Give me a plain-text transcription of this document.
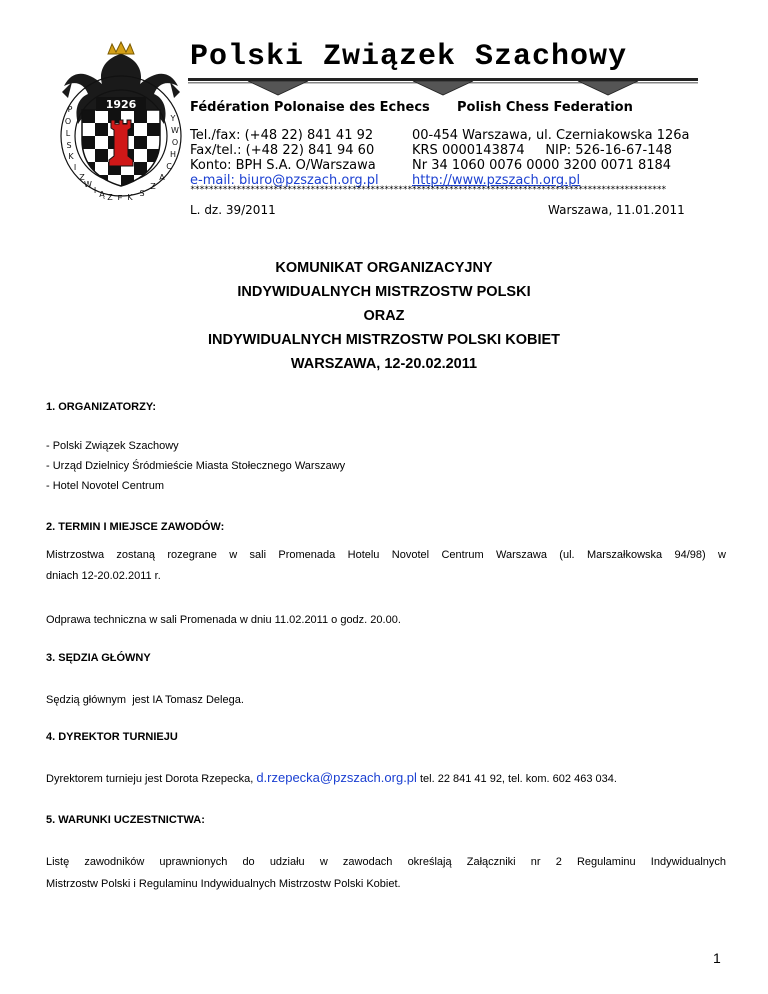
1926
P
O
L
S
K
I
Z
W
I Ą Z E K S
Z
A
C
H
O
W
Y
Polski Związek Szachowy
Fédération Polonaise des Echecs Polish Chess Federation
Tel./fax: (+48 22) 841 41 92
Fax/tel.: (+48 22) 841 94 60
Konto: BPH S.A. O/Warszawa
e-mail: biuro@pzszach.org.pl
00-454 Warszawa, ul. Czerniakowska 126a
KRS 0000143874     NIP: 526-16-67-148
Nr 34 1060 0076 0000 3200 0071 8184
http://www.pzszach.org.pl
*******************************************************************************************************
L. dz. 39/2011	Warszawa, 11.01.2011
KOMUNIKAT ORGANIZACYJNY
INDYWIDUALNYCH MISTRZOSTW POLSKI
ORAZ
INDYWIDUALNYCH MISTRZOSTW POLSKI KOBIET
WARSZAWA, 12-20.02.2011
1. ORGANIZATORZY:
- Polski Związek Szachowy
- Urząd Dzielnicy Śródmieście Miasta Stołecznego Warszawy
- Hotel Novotel Centrum
2. TERMIN I MIEJSCE ZAWODÓW:
Mistrzostwa zostaną rozegrane w sali Promenada Hotelu Novotel Centrum Warszawa (ul. Marszałkowska 94/98) w
dniach 12-20.02.2011 r.
Odprawa techniczna w sali Promenada w dniu 11.02.2011 o godz. 20.00.
3. SĘDZIA GŁÓWNY
Sędzią głównym  jest IA Tomasz Delega.
4. DYREKTOR TURNIEJU
Dyrektorem turnieju jest Dorota Rzepecka, d.rzepecka@pzszach.org.pl tel. 22 841 41 92, tel. kom. 602 463 034.
5. WARUNKI UCZESTNICTWA:
Listę zawodników uprawnionych do udziału w zawodach określają Załączniki nr 2 Regulaminu Indywidualnych
Mistrzostw Polski i Regulaminu Indywidualnych Mistrzostw Polski Kobiet.
1
